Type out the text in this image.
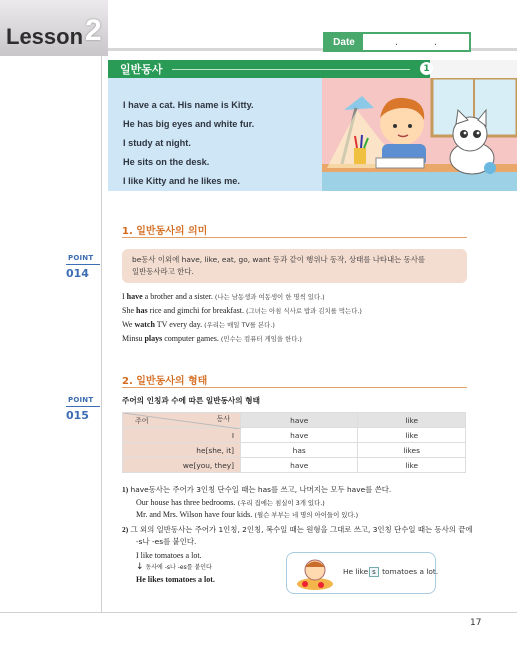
Lesson 2	Date	.	.
일반동사	1
I have a cat. His name is Kitty.
He has big eyes and white fur.
I study at night.
He sits on the desk.
I like Kitty and he likes me.
1. 일반동사의 의미
POINT
014
be동사 이외에 have, like, eat, go, want 등과 같이 행위나 동작, 상태를 나타내는 동사를
일반동사라고 한다.
I have a brother and a sister. (나는 남동생과 여동생이 한 명씩 있다.)
She has rice and gimchi for breakfast. (그녀는 아침 식사로 밥과 김치를 먹는다.)
We watch TV every day. (우리는 매일 TV를 본다.)
Minsu plays computer games. (민수는 컴퓨터 게임을 한다.)
2. 일반동사의 형태
POINT
015
주어의 인칭과 수에 따른 일반동사의 형태
동사
주어	have	like
I	have	like
he[she, it]	has	likes
we[you, they]	have	like
1) have동사는 주어가 3인칭 단수일 때는 has를 쓰고, 나머지는 모두 have를 쓴다.
Our house has three bedrooms. (우리 집에는 침실이 3개 있다.)
Mr. and Mrs. Wilson have four kids. (윌슨 부부는 네 명의 아이들이 있다.)
2) 그 외의 일반동사는 주어가 1인칭, 2인칭, 복수일 때는 원형을 그대로 쓰고, 3인칭 단수일 때는 동사의 끝에
-s나 -es를 붙인다.
I like tomatoes a lot.
↓ 동사에 -s나 -es를 붙인다
He likes tomatoes a lot.
He like s tomatoes a lot.
17
